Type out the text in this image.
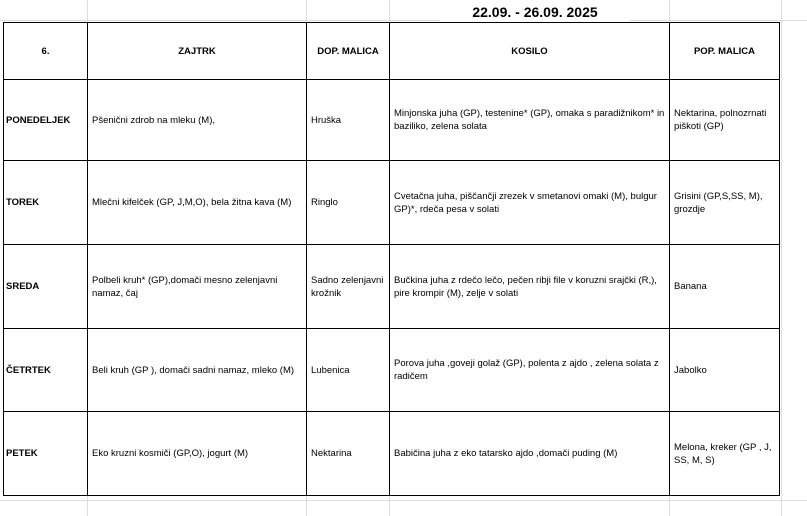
22.09. - 26.09. 2025
6.	ZAJTRK	DOP. MALICA	KOSILO	POP. MALICA
PONEDELJEK	Pšenični zdrob na mleku (M),	Hruška	Minjonska juha (GP), testenine* (GP), omaka s paradižnikom* in baziliko, zelena solata	Nektarina, polnozrnati piškoti (GP)
TOREK	Mlečni kifelček (GP, J,M,O), bela žitna kava (M)	Ringlo	Cvetačna juha, piščančji zrezek v smetanovi omaki (M), bulgur GP)*, rdeča pesa v solati	Grisini (GP,S,SS, M), grozdje
SREDA	Polbeli kruh* (GP),domači mesno zelenjavni namaz, čaj	Sadno zelenjavni krožnik	Bučkina juha z rdečo lečo, pečen ribji file v koruzni srajčki (R,), pire krompir (M), zelje v solati	Banana
ČETRTEK	Beli kruh (GP ), domači sadni namaz, mleko (M)	Lubenica	Porova juha ,goveji golaž (GP), polenta z ajdo , zelena solata z radičem	Jabolko
PETEK	Eko kruzni kosmiči (GP,O), jogurt (M)	Nektarina	Babičina juha z eko tatarsko ajdo ,domači puding (M)	Melona, kreker (GP , J, SS, M, S)
